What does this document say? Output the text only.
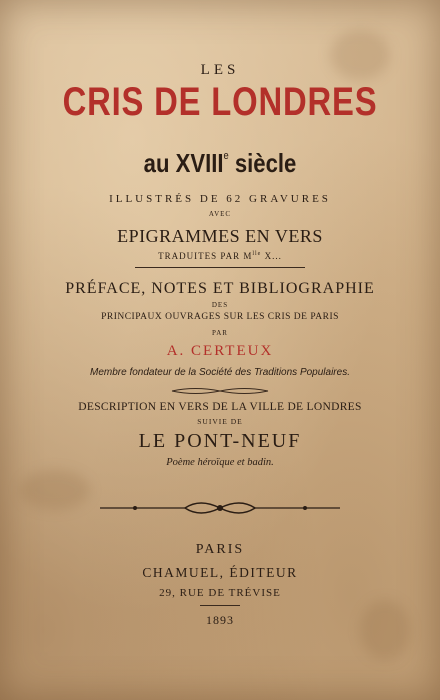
LES
CRIS DE LONDRES
au XVIIIe siècle
ILLUSTRÉS DE 62 GRAVURES
AVEC
EPIGRAMMES EN VERS
TRADUITES PAR $M^{lle}$ X...
PRÉFACE, NOTES ET BIBLIOGRAPHIE
DES
PRINCIPAUX OUVRAGES SUR LES CRIS DE PARIS
PAR
A. CERTEUX
Membre fondateur de la Société des Traditions Populaires.
DESCRIPTION EN VERS DE LA VILLE DE LONDRES
SUIVIE DE
LE PONT-NEUF
Poème héroïque et badin.
PARIS
CHAMUEL, ÉDITEUR
29, RUE DE TRÉVISE
1893
